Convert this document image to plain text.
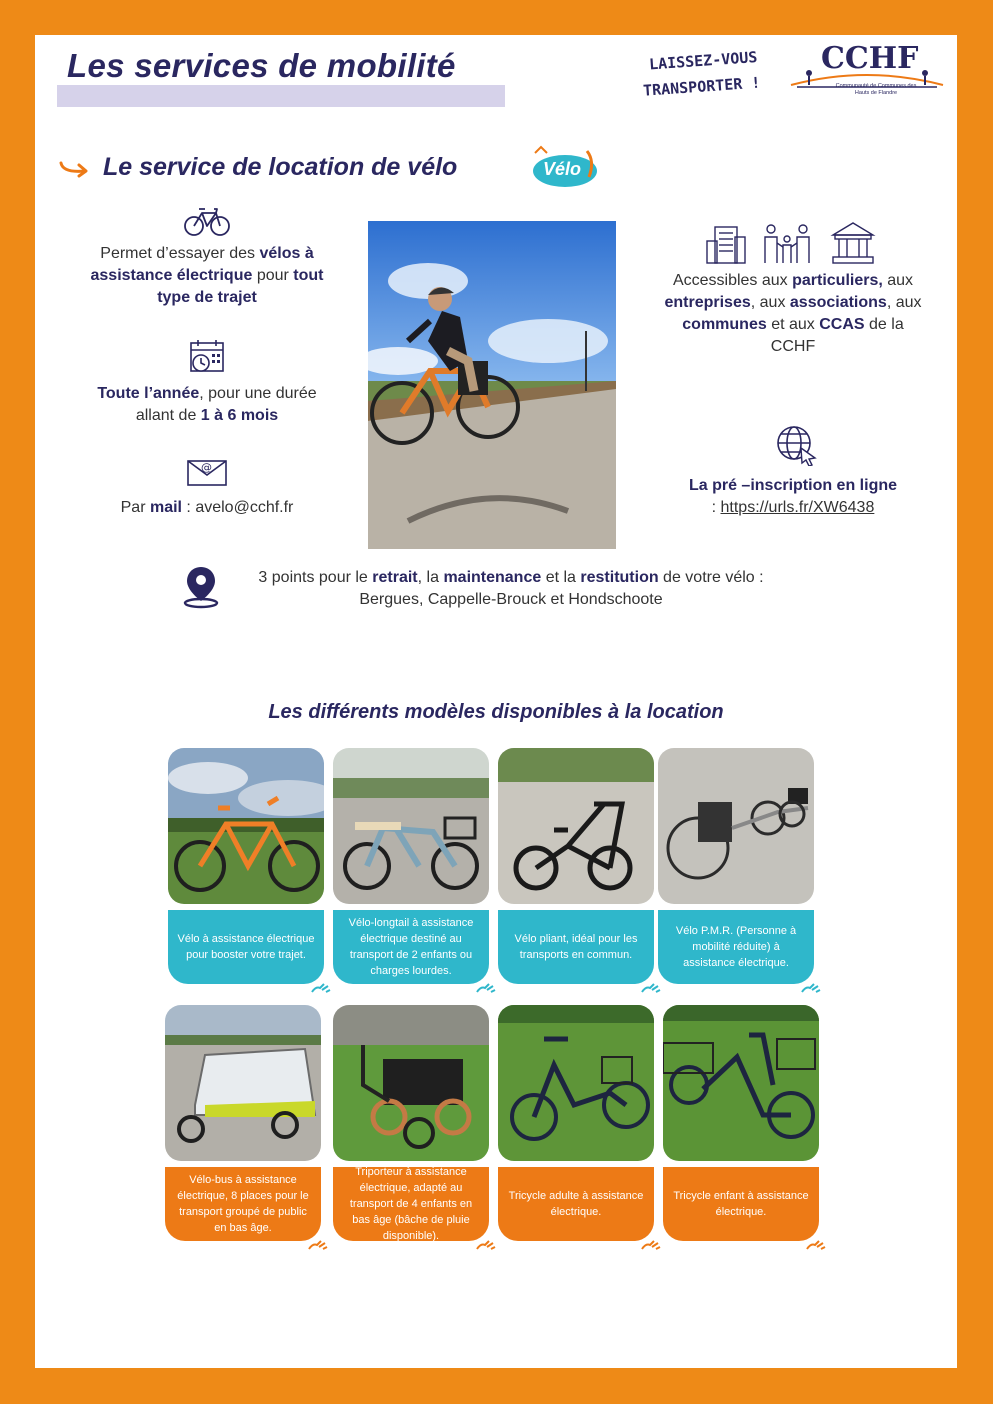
Les services de mobilité	LAISSEZ-VOUS
TRANSPORTER !
CCHF
Communauté de Communes des Hauts de Flandre
Le service de location de vélo	Vélo
Permet d’essayer des vélos à assistance électrique pour tout type de trajet
Toute l’année, pour une durée allant de 1 à 6 mois
@
Par mail : avelo@cchf.fr
Accessibles aux particuliers, aux entreprises, aux associations, aux communes et aux CCAS de la CCHF
La pré –inscription en ligne
: https://urls.fr/XW6438

3 points pour le retrait, la maintenance et la restitution de votre vélo :
Bergues, Cappelle-Brouck et Hondschoote

Les différents modèles disponibles à la location
Vélo à assistance électrique pour booster votre trajet.
Vélo-longtail à assistance électrique destiné au transport de 2 enfants ou charges lourdes.
Vélo pliant, idéal pour les transports en commun.
Vélo P.M.R. (Personne à mobilité réduite) à assistance électrique.
Vélo-bus à assistance électrique, 8 places pour le transport groupé de public en bas âge.
Triporteur à assistance électrique, adapté au transport de 4 enfants en bas âge (bâche de pluie disponible).
Tricycle adulte à assistance électrique.
Tricycle enfant à assistance électrique.
